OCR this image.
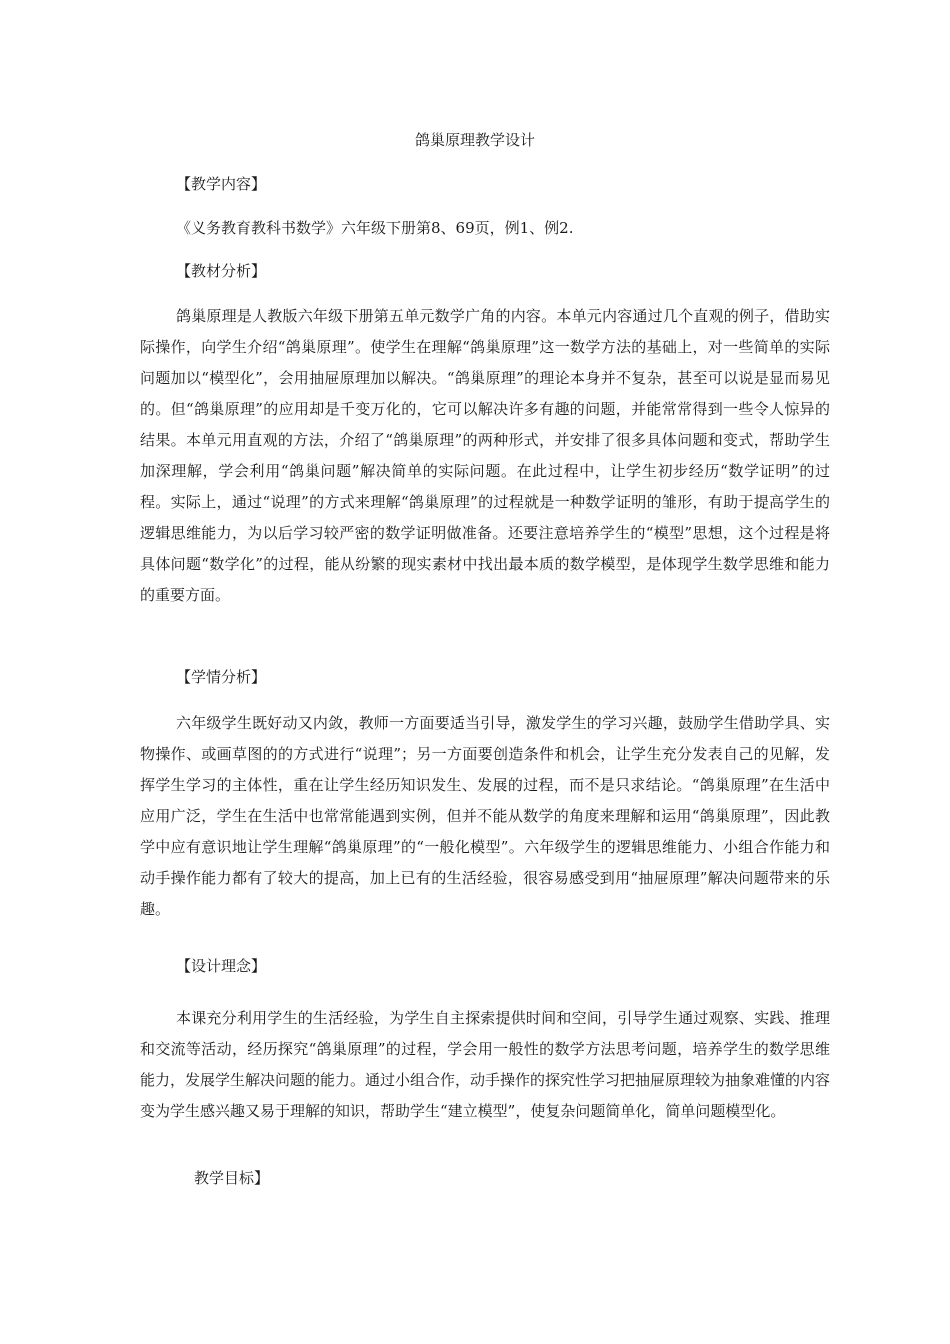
鸽巢原理教学设计
【教学内容】
《义务教育教科书数学》六年级下册第8、69页，例1、例2.
【教材分析】
鸽巢原理是人教版六年级下册第五单元数学广角的内容。本单元内容通过几个直观的例子，借助实际操作，向学生介绍“鸽巢原理”。使学生在理解“鸽巢原理”这一数学方法的基础上，对一些简单的实际问题加以“模型化”，会用抽屉原理加以解决。“鸽巢原理”的理论本身并不复杂，甚至可以说是显而易见的。但“鸽巢原理”的应用却是千变万化的，它可以解决许多有趣的问题，并能常常得到一些令人惊异的结果。本单元用直观的方法，介绍了“鸽巢原理”的两种形式，并安排了很多具体问题和变式，帮助学生加深理解，学会利用“鸽巢问题”解决简单的实际问题。在此过程中，让学生初步经历“数学证明”的过程。实际上，通过“说理”的方式来理解“鸽巢原理”的过程就是一种数学证明的雏形，有助于提高学生的逻辑思维能力，为以后学习较严密的数学证明做准备。还要注意培养学生的“模型”思想，这个过程是将具体问题“数学化”的过程，能从纷繁的现实素材中找出最本质的数学模型，是体现学生数学思维和能力的重要方面。
【学情分析】
六年级学生既好动又内敛，教师一方面要适当引导，激发学生的学习兴趣，鼓励学生借助学具、实物操作、或画草图的的方式进行“说理”；另一方面要创造条件和机会，让学生充分发表自己的见解，发挥学生学习的主体性，重在让学生经历知识发生、发展的过程，而不是只求结论。“鸽巢原理”在生活中应用广泛，学生在生活中也常常能遇到实例，但并不能从数学的角度来理解和运用“鸽巢原理”，因此教学中应有意识地让学生理解“鸽巢原理”的“一般化模型”。六年级学生的逻辑思维能力、小组合作能力和动手操作能力都有了较大的提高，加上已有的生活经验，很容易感受到用“抽屉原理”解决问题带来的乐趣。
【设计理念】
本课充分利用学生的生活经验，为学生自主探索提供时间和空间，引导学生通过观察、实践、推理和交流等活动，经历探究“鸽巢原理”的过程，学会用一般性的数学方法思考问题，培养学生的数学思维能力，发展学生解决问题的能力。通过小组合作，动手操作的探究性学习把抽屉原理较为抽象难懂的内容变为学生感兴趣又易于理解的知识，帮助学生“建立模型”，使复杂问题简单化，简单问题模型化。
教学目标】
